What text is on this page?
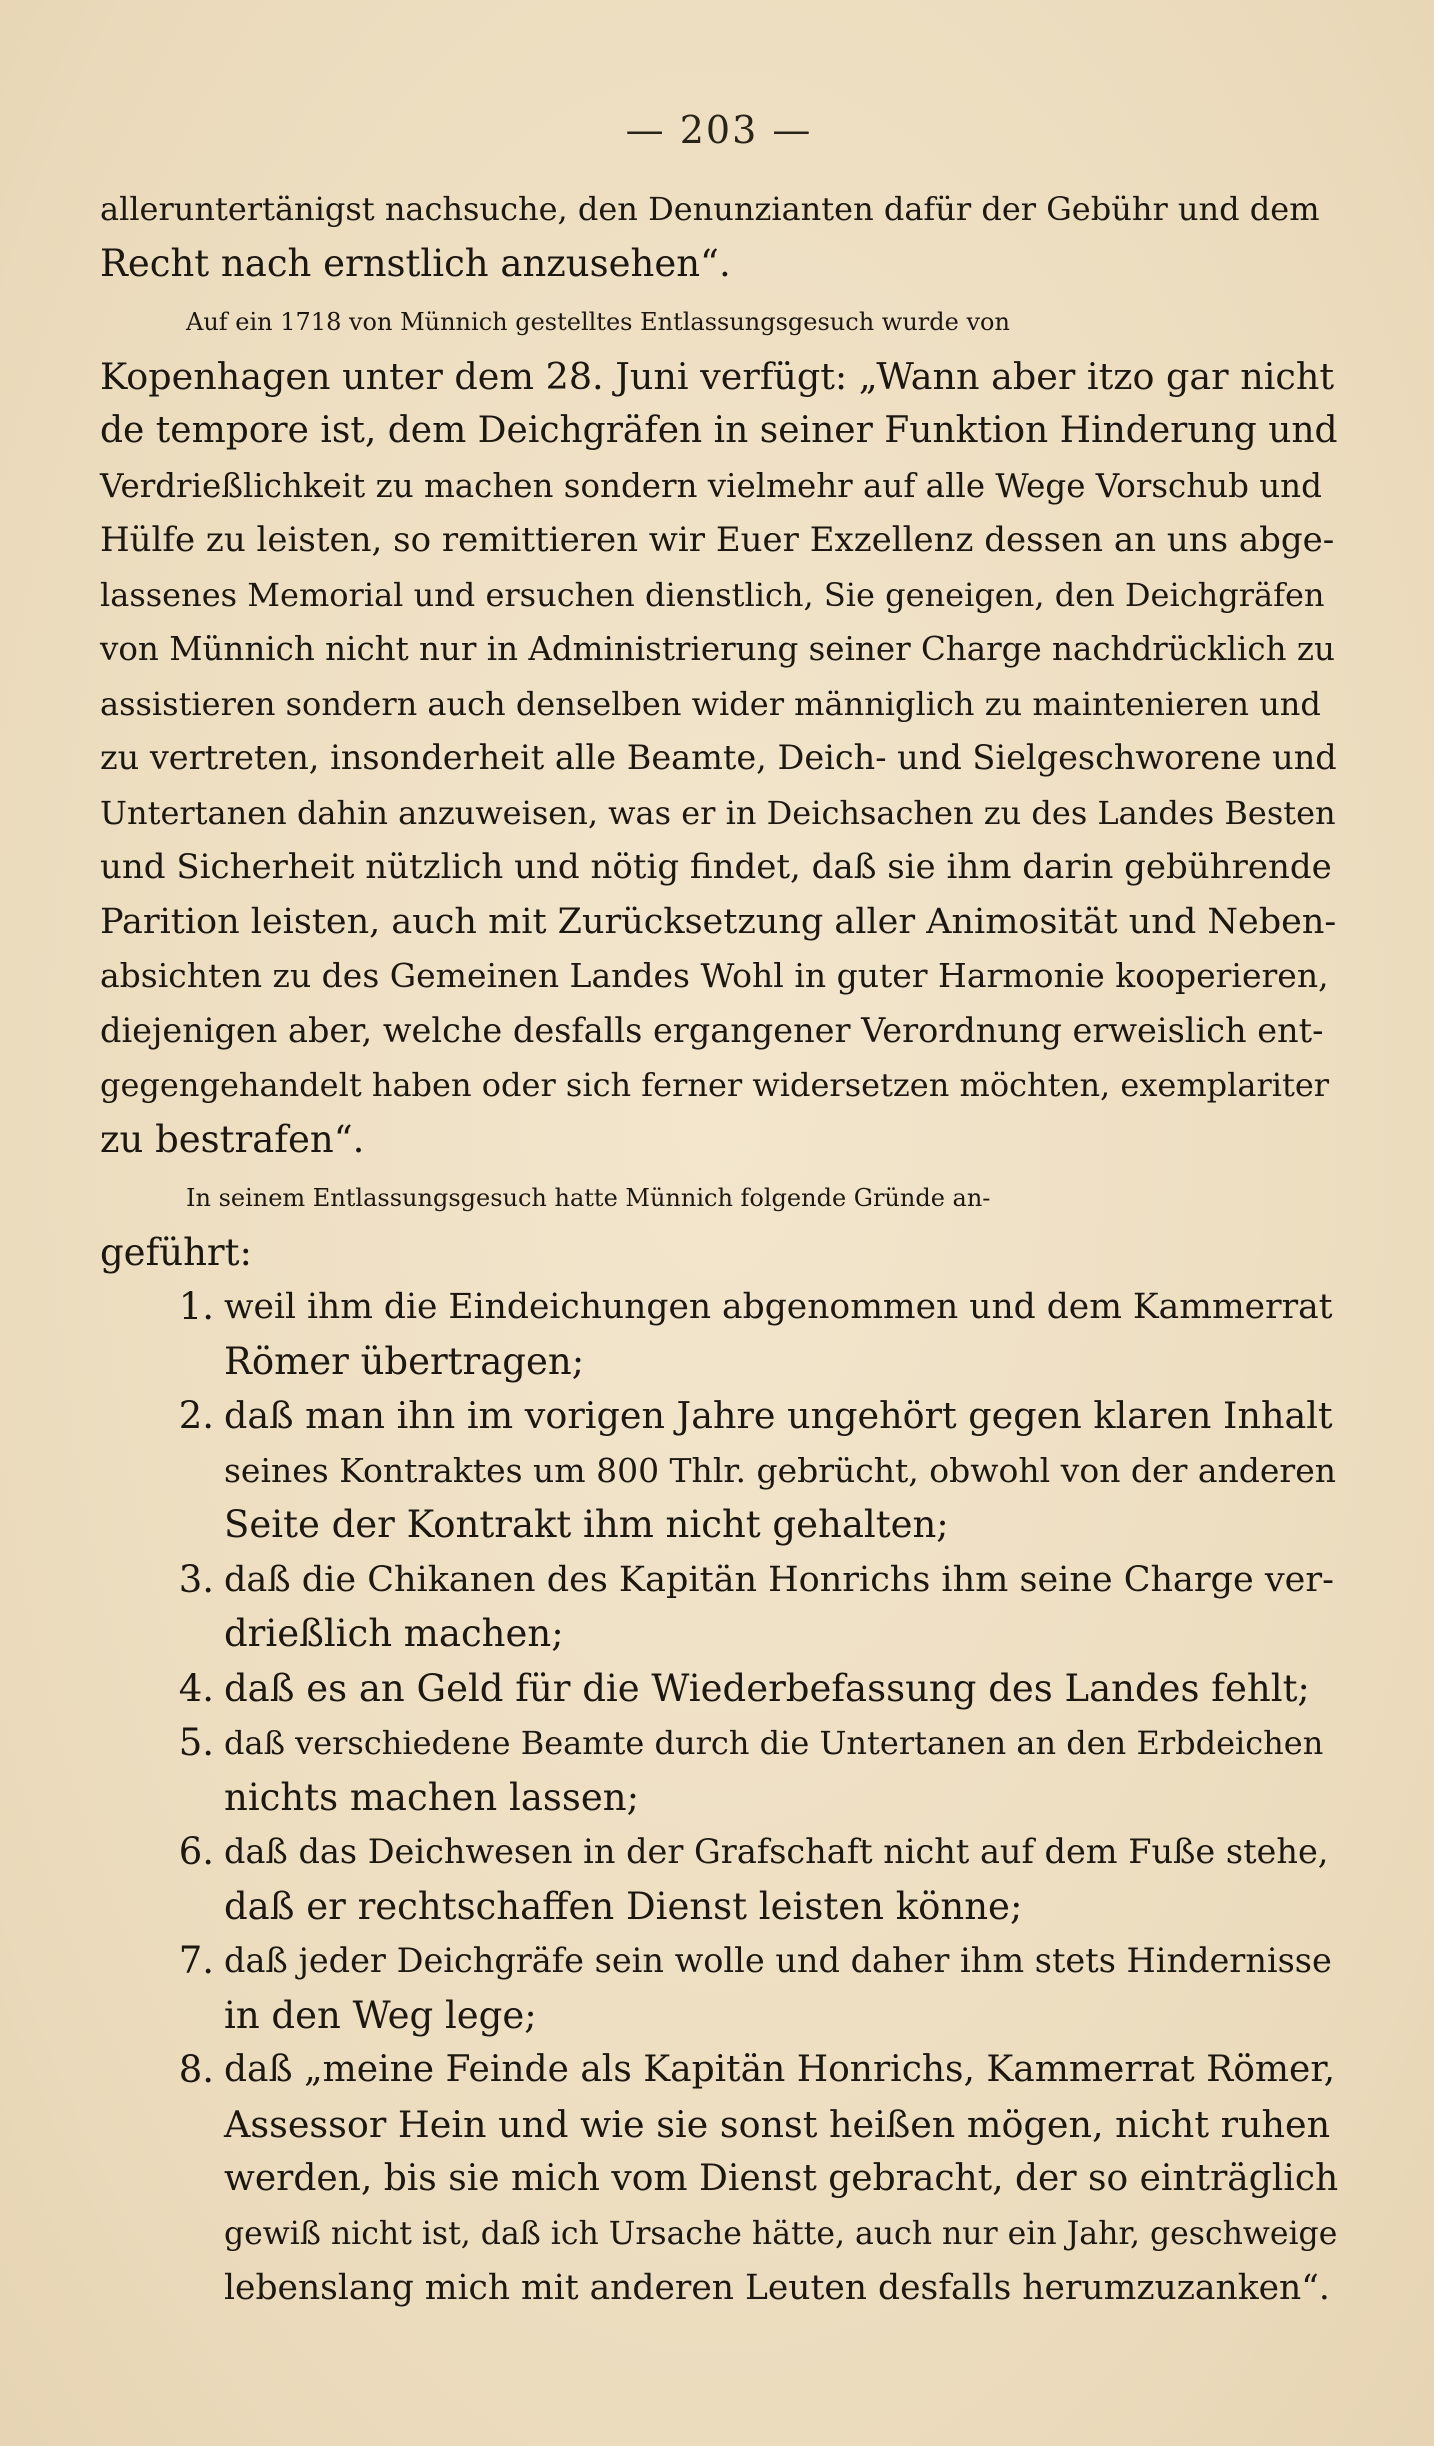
— 203 —

alleruntertänigst nachsuche, den Denunzianten dafür der Gebühr und dem
Recht nach ernstlich anzusehen“.

Auf ein 1718 von Münnich gestelltes Entlassungsgesuch wurde von
Kopenhagen unter dem 28. Juni verfügt: „Wann aber itzo gar nicht
de tempore ist, dem Deichgräfen in seiner Funktion Hinderung und
Verdrießlichkeit zu machen sondern vielmehr auf alle Wege Vorschub und
Hülfe zu leisten, so remittieren wir Euer Exzellenz dessen an uns abge-
lassenes Memorial und ersuchen dienstlich, Sie geneigen, den Deichgräfen
von Münnich nicht nur in Administrierung seiner Charge nachdrücklich zu
assistieren sondern auch denselben wider männiglich zu maintenieren und
zu vertreten, insonderheit alle Beamte, Deich- und Sielgeschworene und
Untertanen dahin anzuweisen, was er in Deichsachen zu des Landes Besten
und Sicherheit nützlich und nötig findet, daß sie ihm darin gebührende
Parition leisten, auch mit Zurücksetzung aller Animosität und Neben-
absichten zu des Gemeinen Landes Wohl in guter Harmonie kooperieren,
diejenigen aber, welche desfalls ergangener Verordnung erweislich ent-
gegengehandelt haben oder sich ferner widersetzen möchten, exemplariter
zu bestrafen“.

In seinem Entlassungsgesuch hatte Münnich folgende Gründe an-
geführt:

1. weil ihm die Eindeichungen abgenommen und dem Kammerrat
Römer übertragen;
2. daß man ihn im vorigen Jahre ungehört gegen klaren Inhalt
seines Kontraktes um 800 Thlr. gebrücht, obwohl von der anderen
Seite der Kontrakt ihm nicht gehalten;
3. daß die Chikanen des Kapitän Honrichs ihm seine Charge ver-
drießlich machen;
4. daß es an Geld für die Wiederbefassung des Landes fehlt;
5. daß verschiedene Beamte durch die Untertanen an den Erbdeichen
nichts machen lassen;
6. daß das Deichwesen in der Grafschaft nicht auf dem Fuße stehe,
daß er rechtschaffen Dienst leisten könne;
7. daß jeder Deichgräfe sein wolle und daher ihm stets Hindernisse
in den Weg lege;
8. daß „meine Feinde als Kapitän Honrichs, Kammerrat Römer,
Assessor Hein und wie sie sonst heißen mögen, nicht ruhen
werden, bis sie mich vom Dienst gebracht, der so einträglich
gewiß nicht ist, daß ich Ursache hätte, auch nur ein Jahr, geschweige
lebenslang mich mit anderen Leuten desfalls herumzuzanken“.
